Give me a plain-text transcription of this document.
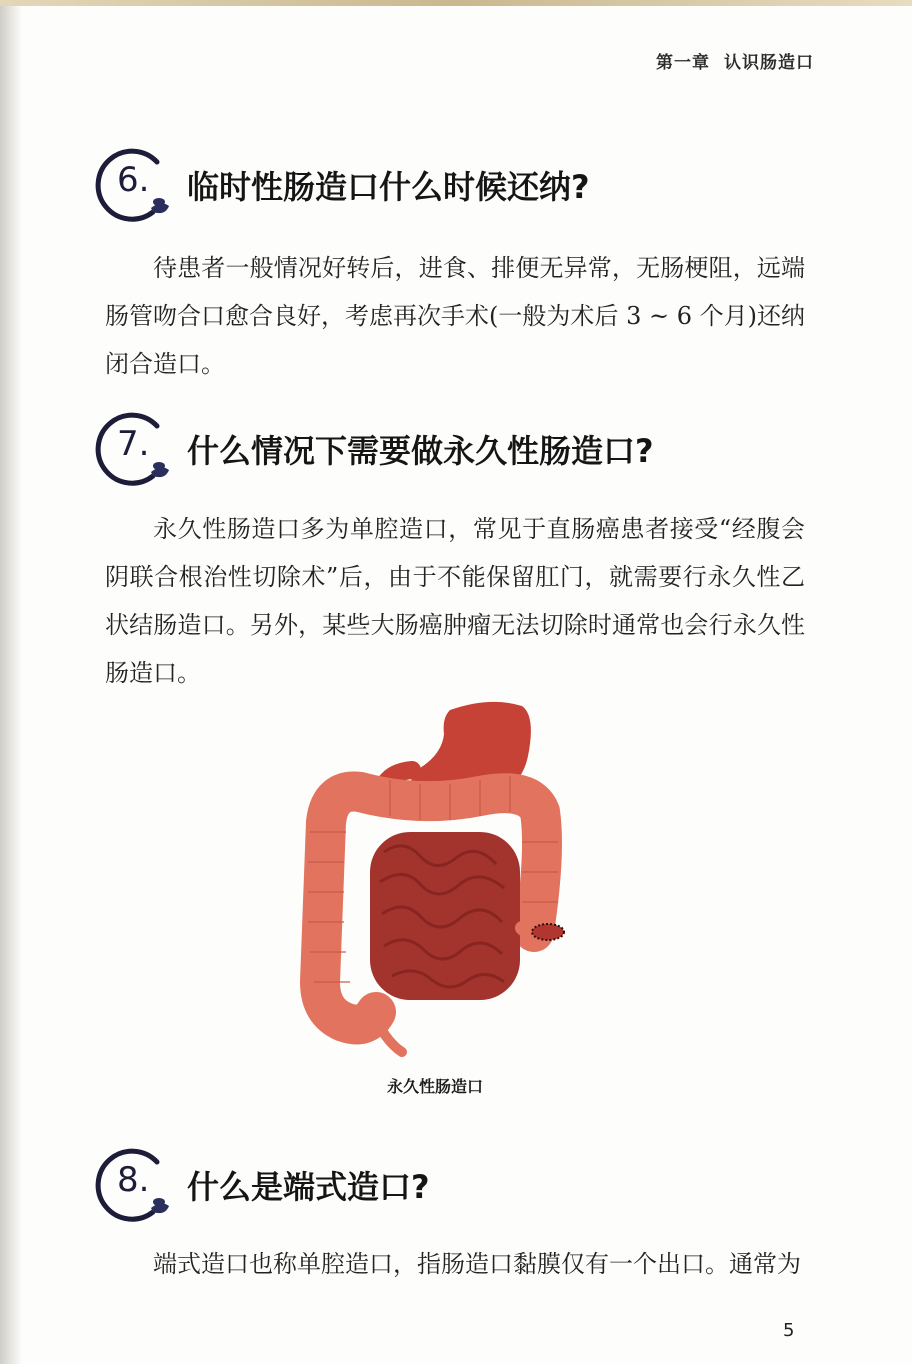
第一章 认识肠造口
6. 临时性肠造口什么时候还纳?
待患者一般情况好转后，进食、排便无异常，无肠梗阻，远端肠管吻合口愈合良好，考虑再次手术(一般为术后 3 ~ 6 个月)还纳闭合造口。
7. 什么情况下需要做永久性肠造口?
永久性肠造口多为单腔造口，常见于直肠癌患者接受“经腹会阴联合根治性切除术”后，由于不能保留肛门，就需要行永久性乙状结肠造口。另外，某些大肠癌肿瘤无法切除时通常也会行永久性肠造口。
永久性肠造口
8. 什么是端式造口?
端式造口也称单腔造口，指肠造口黏膜仅有一个出口。通常为
5
